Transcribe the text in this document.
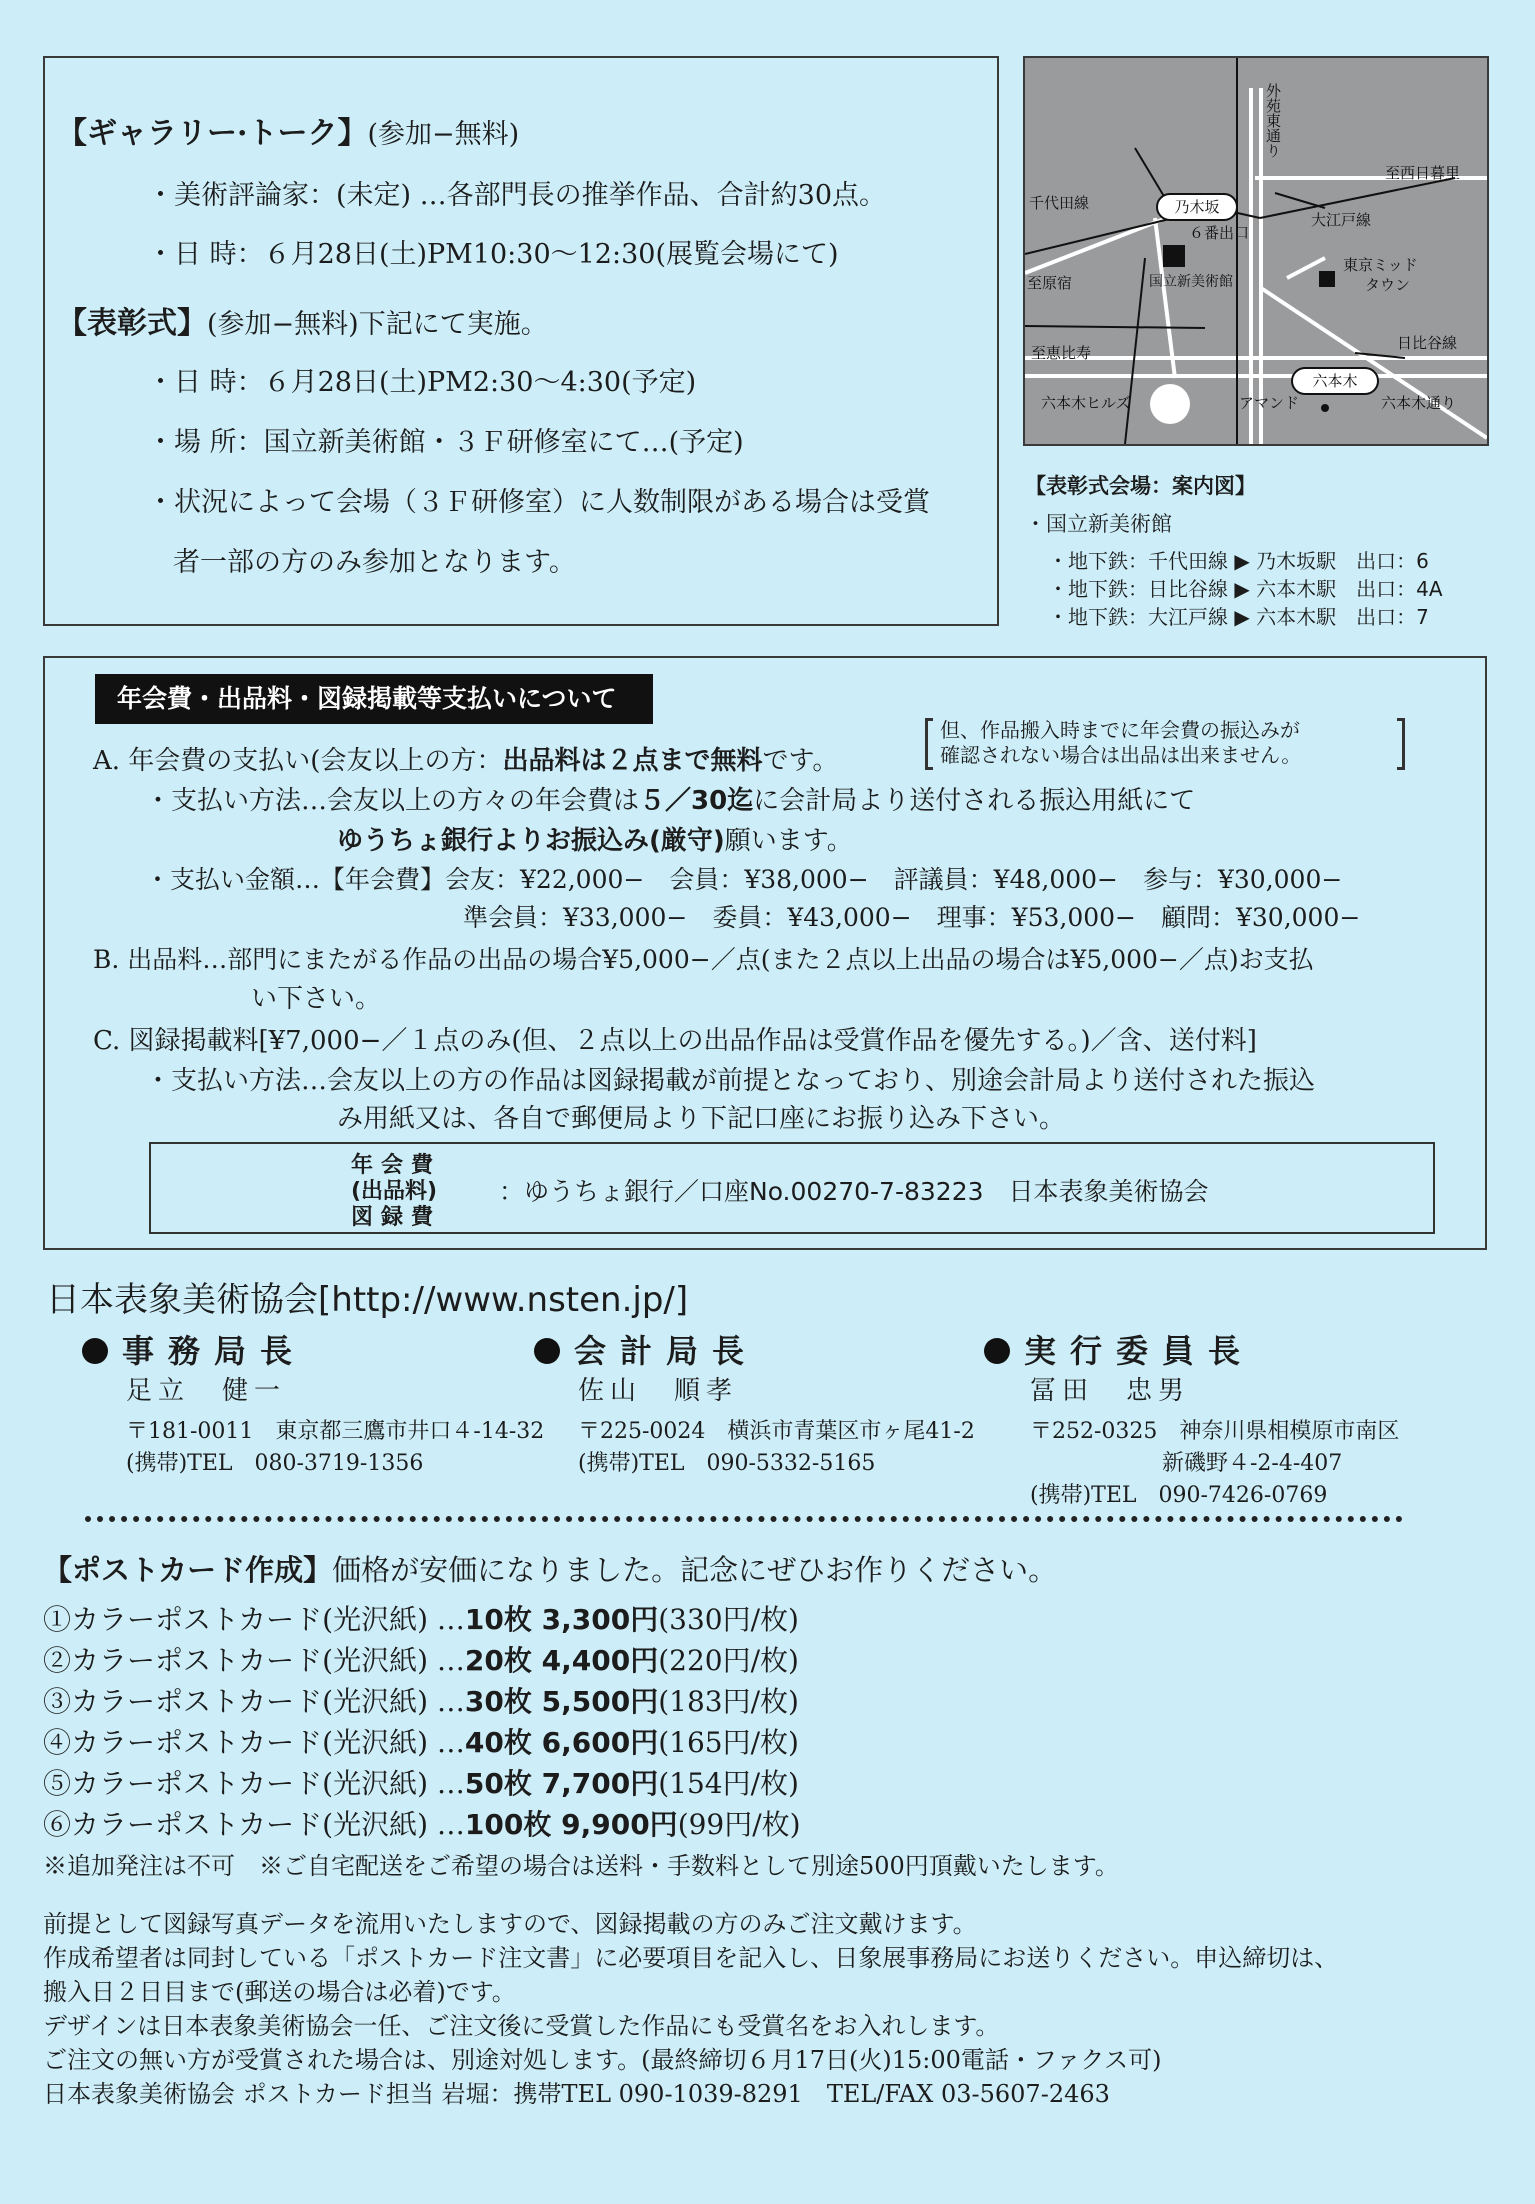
【ギャラリー·トーク】(参加−無料)
・美術評論家：(未定) …各部門長の推挙作品、合計約30点。
・日 時：６月28日(土)PM10:30〜12:30(展覧会場にて)
【表彰式】(参加−無料)下記にて実施。
・日 時：６月28日(土)PM2:30〜4:30(予定)
・場 所：国立新美術館・３Ｆ研修室にて…(予定)
・状況によって会場（３Ｆ研修室）に人数制限がある場合は受賞
者一部の方のみ参加となります。
外苑東通り
至西日暮里
千代田線	乃木坂
６番出口
大江戸線
至原宿	国立新美術館
東京ミッド
タウン
至恵比寿
日比谷線
六本木
六本木ヒルズ	アマンド	六本木通り
【表彰式会場：案内図】
・国立新美術館
・地下鉄：千代田線 ▶ 乃木坂駅　出口：6
・地下鉄：日比谷線 ▶ 六本木駅　出口：4A
・地下鉄：大江戸線 ▶ 六本木駅　出口：7
年会費・出品料・図録掲載等支払いについて
但、作品搬入時までに年会費の振込みが
確認されない場合は出品は出来ません。
A. 年会費の支払い(会友以上の方：出品料は２点まで無料です。
・支払い方法…会友以上の方々の年会費は５／30迄に会計局より送付される振込用紙にて
ゆうちょ銀行よりお振込み(厳守)願います。
・支払い金額…【年会費】会友：¥22,000−　会員：¥38,000−　評議員：¥48,000−　参与：¥30,000−
準会員：¥33,000−　委員：¥43,000−　理事：¥53,000−　顧問：¥30,000−
B. 出品料…部門にまたがる作品の出品の場合¥5,000−／点(また２点以上出品の場合は¥5,000−／点)お支払
い下さい。
C. 図録掲載料[¥7,000−／１点のみ(但、２点以上の出品作品は受賞作品を優先する。)／含、送付料]
・支払い方法…会友以上の方の作品は図録掲載が前提となっており、別途会計局より送付された振込
み用紙又は、各自で郵便局より下記口座にお振り込み下さい。
年会費
(出品料)
図録費
：ゆうちょ銀行／口座No.00270-7-83223　日本表象美術協会
日本表象美術協会[http://www.nsten.jp/]
事務局長
足立　健一
〒181-0011　東京都三鷹市井口４-14-32
(携帯)TEL　080-3719-1356
会計局長
佐山　順孝
〒225-0024　横浜市青葉区市ヶ尾41-2
(携帯)TEL　090-5332-5165
実行委員長
冨田　忠男
〒252-0325　神奈川県相模原市南区
　　　　　　新磯野４-2-4-407
(携帯)TEL　090-7426-0769
【ポストカード作成】価格が安価になりました。記念にぜひお作りください。
①カラーポストカード(光沢紙) …10枚 3,300円(330円/枚)
②カラーポストカード(光沢紙) …20枚 4,400円(220円/枚)
③カラーポストカード(光沢紙) …30枚 5,500円(183円/枚)
④カラーポストカード(光沢紙) …40枚 6,600円(165円/枚)
⑤カラーポストカード(光沢紙) …50枚 7,700円(154円/枚)
⑥カラーポストカード(光沢紙) …100枚 9,900円(99円/枚)
※追加発注は不可　※ご自宅配送をご希望の場合は送料・手数料として別途500円頂戴いたします。
前提として図録写真データを流用いたしますので、図録掲載の方のみご注文戴けます。
作成希望者は同封している「ポストカード注文書」に必要項目を記入し、日象展事務局にお送りください。申込締切は、
搬入日２日目まで(郵送の場合は必着)です。
デザインは日本表象美術協会一任、ご注文後に受賞した作品にも受賞名をお入れします。
ご注文の無い方が受賞された場合は、別途対処します。(最終締切６月17日(火)15:00電話・ファクス可)
日本表象美術協会 ポストカード担当 岩堀：携帯TEL 090-1039-8291　TEL/FAX 03-5607-2463
